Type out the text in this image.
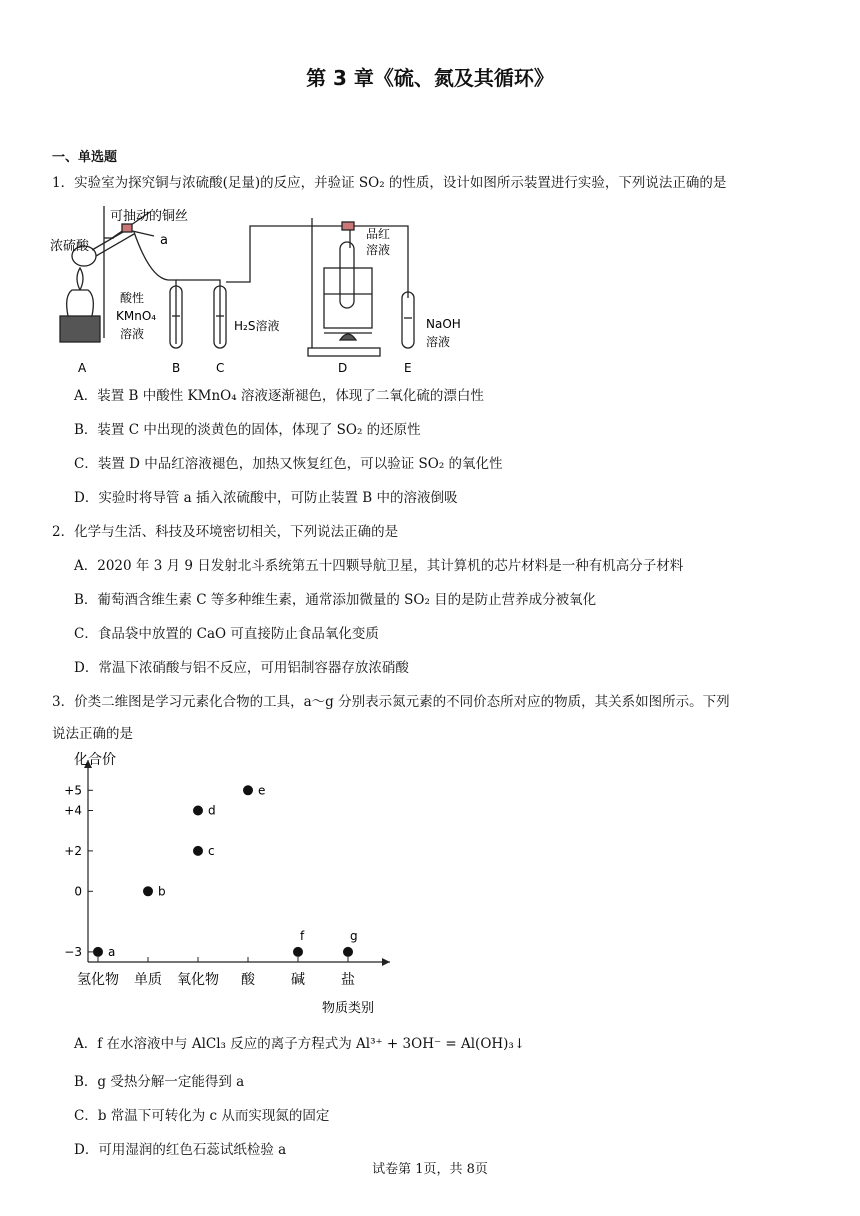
第 3 章《硫、氮及其循环》
一、单选题
1．实验室为探究铜与浓硫酸(足量)的反应，并验证 SO₂ 的性质，设计如图所示装置进行实验，下列说法正确的是
可抽动的铜丝
浓硫酸	a
酸性
KMnO₄
溶液
H₂S溶液
品红
溶液
NaOH
溶液
A	B	C	D	E
A．装置 B 中酸性 KMnO₄ 溶液逐渐褪色，体现了二氧化硫的漂白性
B．装置 C 中出现的淡黄色的固体，体现了 SO₂ 的还原性
C．装置 D 中品红溶液褪色，加热又恢复红色，可以验证 SO₂ 的氧化性
D．实验时将导管 a 插入浓硫酸中，可防止装置 B 中的溶液倒吸
2．化学与生活、科技及环境密切相关，下列说法正确的是
A．2020 年 3 月 9 日发射北斗系统第五十四颗导航卫星，其计算机的芯片材料是一种有机高分子材料
B．葡萄酒含维生素 C 等多种维生素，通常添加微量的 SO₂ 目的是防止营养成分被氧化
C．食品袋中放置的 CaO 可直接防止食品氧化变质
D．常温下浓硝酸与铝不反应，可用铝制容器存放浓硝酸
3．价类二维图是学习元素化合物的工具，a～g 分别表示氮元素的不同价态所对应的物质，其关系如图所示。下列
说法正确的是
化合价
物质类别
−3
0
+2
+4
+5
氢化物 单质 氧化物 酸	碱	盐
a
b
c
d
e
f	g
A．f 在水溶液中与 AlCl₃ 反应的离子方程式为 Al³⁺ + 3OH⁻ = Al(OH)₃↓
B．g 受热分解一定能得到 a
C．b 常温下可转化为 c 从而实现氮的固定
D．可用湿润的红色石蕊试纸检验 a
试卷第 1页，共 8页
